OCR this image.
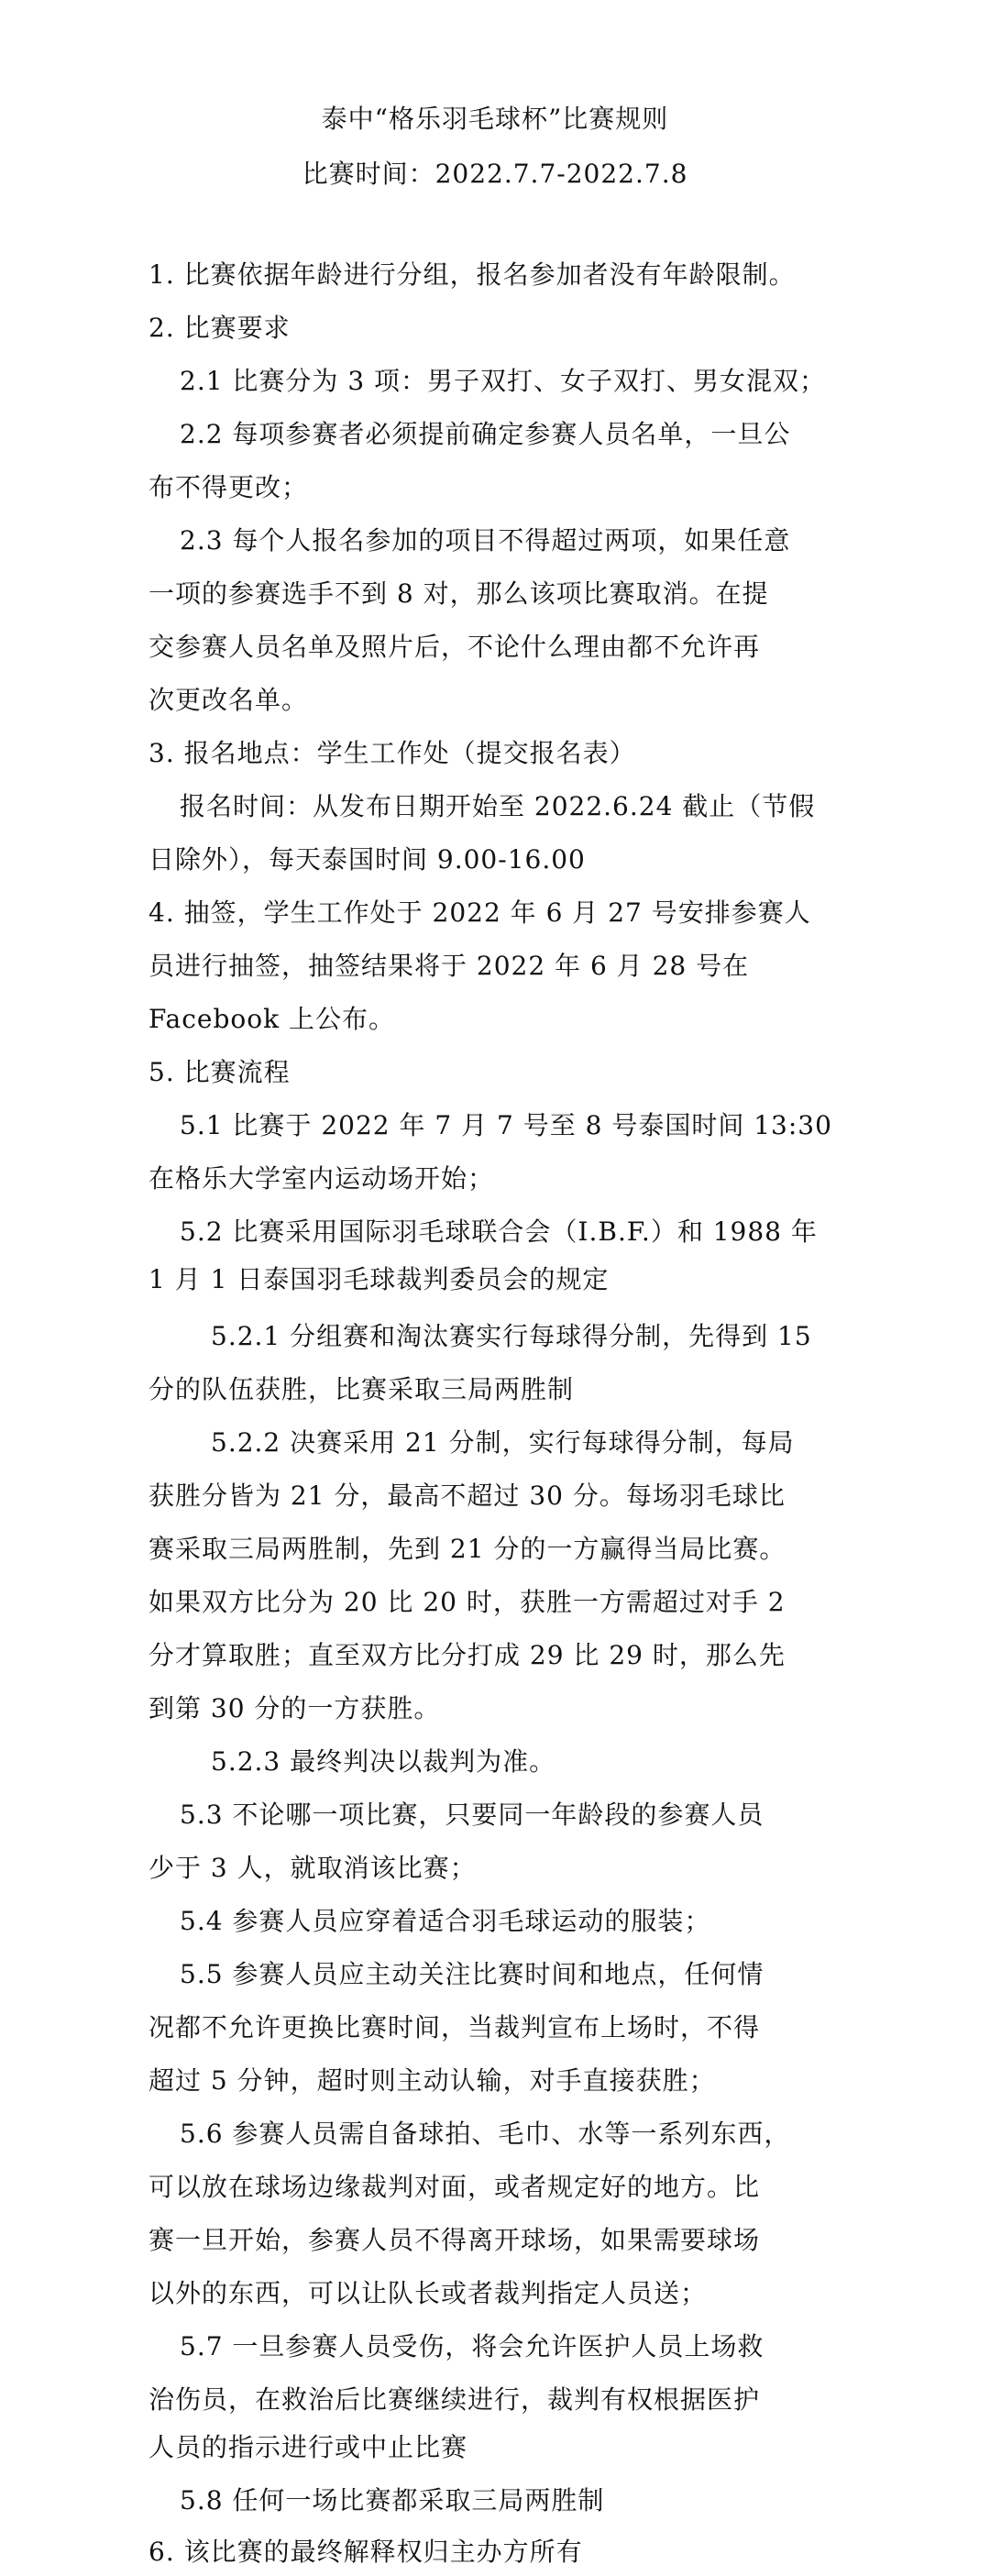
泰中“格乐羽毛球杯”比赛规则
比赛时间：2022.7.7-2022.7.8
1. 比赛依据年龄进行分组，报名参加者没有年龄限制。
2. 比赛要求
2.1 比赛分为 3 项：男子双打、女子双打、男女混双；
2.2 每项参赛者必须提前确定参赛人员名单，一旦公
布不得更改；
2.3 每个人报名参加的项目不得超过两项，如果任意
一项的参赛选手不到 8 对，那么该项比赛取消。在提
交参赛人员名单及照片后，不论什么理由都不允许再
次更改名单。
3. 报名地点：学生工作处（提交报名表）
报名时间：从发布日期开始至 2022.6.24 截止（节假
日除外），每天泰国时间 9.00-16.00
4. 抽签，学生工作处于 2022 年 6 月 27 号安排参赛人
员进行抽签，抽签结果将于 2022 年 6 月 28 号在
Facebook 上公布。
5. 比赛流程
5.1 比赛于 2022 年 7 月 7 号至 8 号泰国时间 13:30
在格乐大学室内运动场开始；
5.2 比赛采用国际羽毛球联合会（I.B.F.）和 1988 年
1 月 1 日泰国羽毛球裁判委员会的规定
5.2.1 分组赛和淘汰赛实行每球得分制，先得到 15
分的队伍获胜，比赛采取三局两胜制
5.2.2 决赛采用 21 分制，实行每球得分制，每局
获胜分皆为 21 分，最高不超过 30 分。每场羽毛球比
赛采取三局两胜制，先到 21 分的一方赢得当局比赛。
如果双方比分为 20 比 20 时，获胜一方需超过对手 2
分才算取胜；直至双方比分打成 29 比 29 时，那么先
到第 30 分的一方获胜。
5.2.3 最终判决以裁判为准。
5.3 不论哪一项比赛，只要同一年龄段的参赛人员
少于 3 人，就取消该比赛；
5.4 参赛人员应穿着适合羽毛球运动的服装；
5.5 参赛人员应主动关注比赛时间和地点，任何情
况都不允许更换比赛时间，当裁判宣布上场时，不得
超过 5 分钟，超时则主动认输，对手直接获胜；
5.6 参赛人员需自备球拍、毛巾、水等一系列东西，
可以放在球场边缘裁判对面，或者规定好的地方。比
赛一旦开始，参赛人员不得离开球场，如果需要球场
以外的东西，可以让队长或者裁判指定人员送；
5.7 一旦参赛人员受伤，将会允许医护人员上场救
治伤员，在救治后比赛继续进行，裁判有权根据医护
人员的指示进行或中止比赛
5.8 任何一场比赛都采取三局两胜制
6. 该比赛的最终解释权归主办方所有
